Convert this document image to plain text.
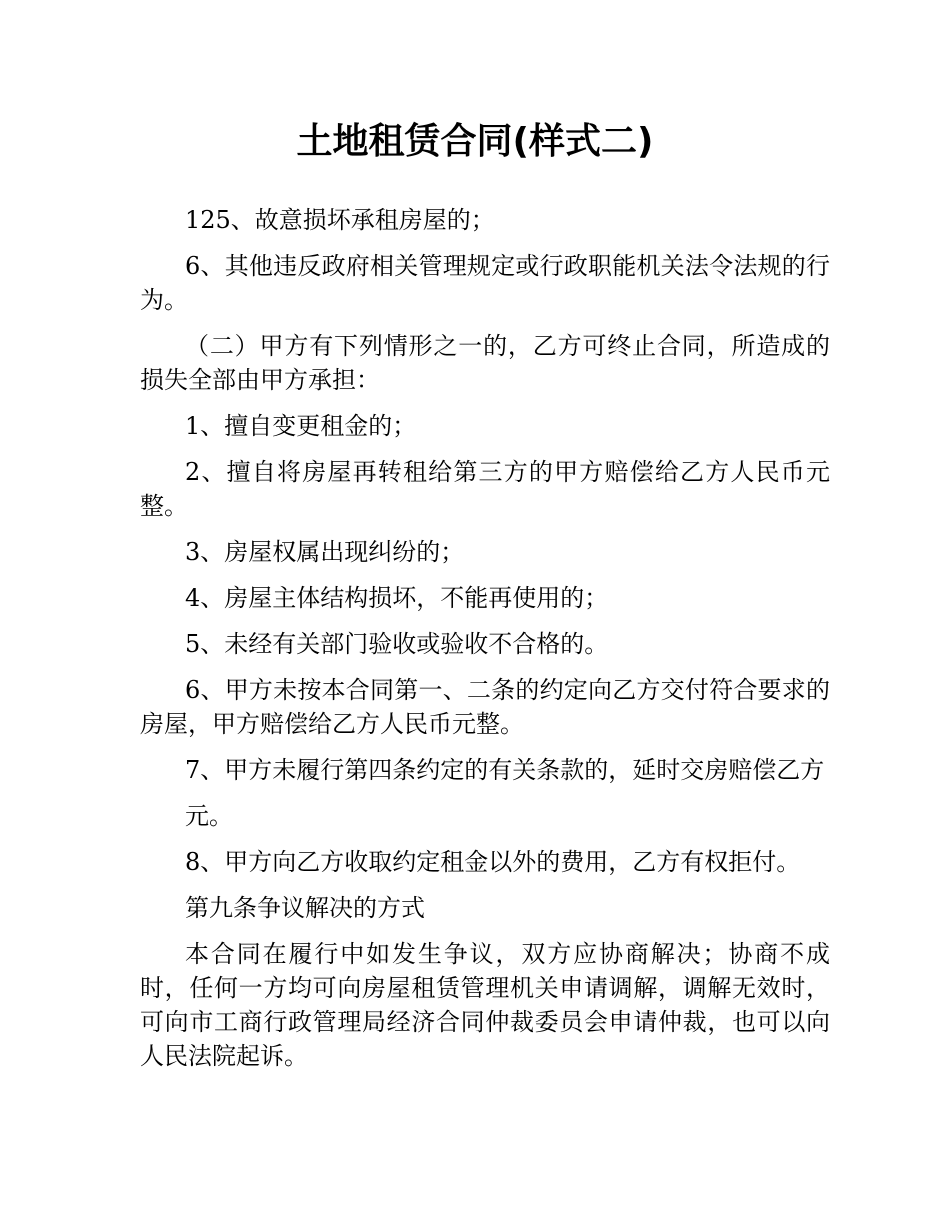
土地租赁合同(样式二)

125、故意损坏承租房屋的；

6、其他违反政府相关管理规定或行政职能机关法令法规的行为。

（二）甲方有下列情形之一的，乙方可终止合同，所造成的损失全部由甲方承担：

1、擅自变更租金的；

2、擅自将房屋再转租给第三方的甲方赔偿给乙方人民币元整。

3、房屋权属出现纠纷的；

4、房屋主体结构损坏，不能再使用的；

5、未经有关部门验收或验收不合格的。

6、甲方未按本合同第一、二条的约定向乙方交付符合要求的房屋，甲方赔偿给乙方人民币元整。

7、甲方未履行第四条约定的有关条款的，延时交房赔偿乙方

元。

8、甲方向乙方收取约定租金以外的费用，乙方有权拒付。

第九条争议解决的方式

本合同在履行中如发生争议，双方应协商解决；协商不成时，任何一方均可向房屋租赁管理机关申请调解，调解无效时，可向市工商行政管理局经济合同仲裁委员会申请仲裁，也可以向人民法院起诉。
